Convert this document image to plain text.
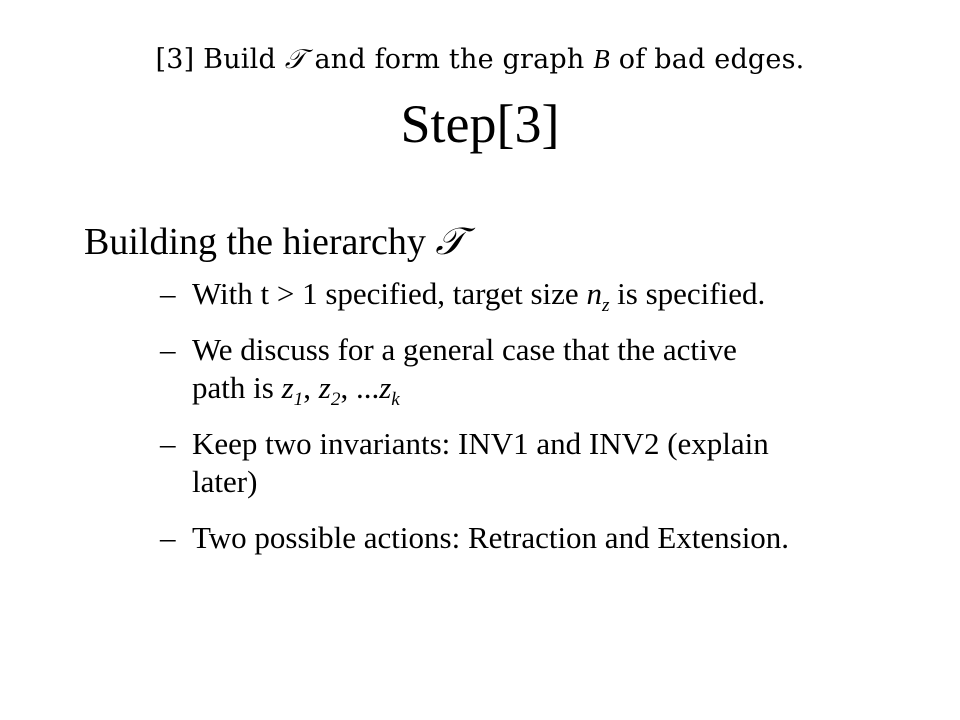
[3] Build 𝒯 and form the graph B of bad edges.
Step[3]
Building the hierarchy 𝒯
– With t > 1 specified, target size $n_z$ is specified.
– We discuss for a general case that the active
path is $z_1$, $z_2$, $...z_k$
– Keep two invariants: INV1 and INV2 (explain
later)
– Two possible actions: Retraction and Extension.
